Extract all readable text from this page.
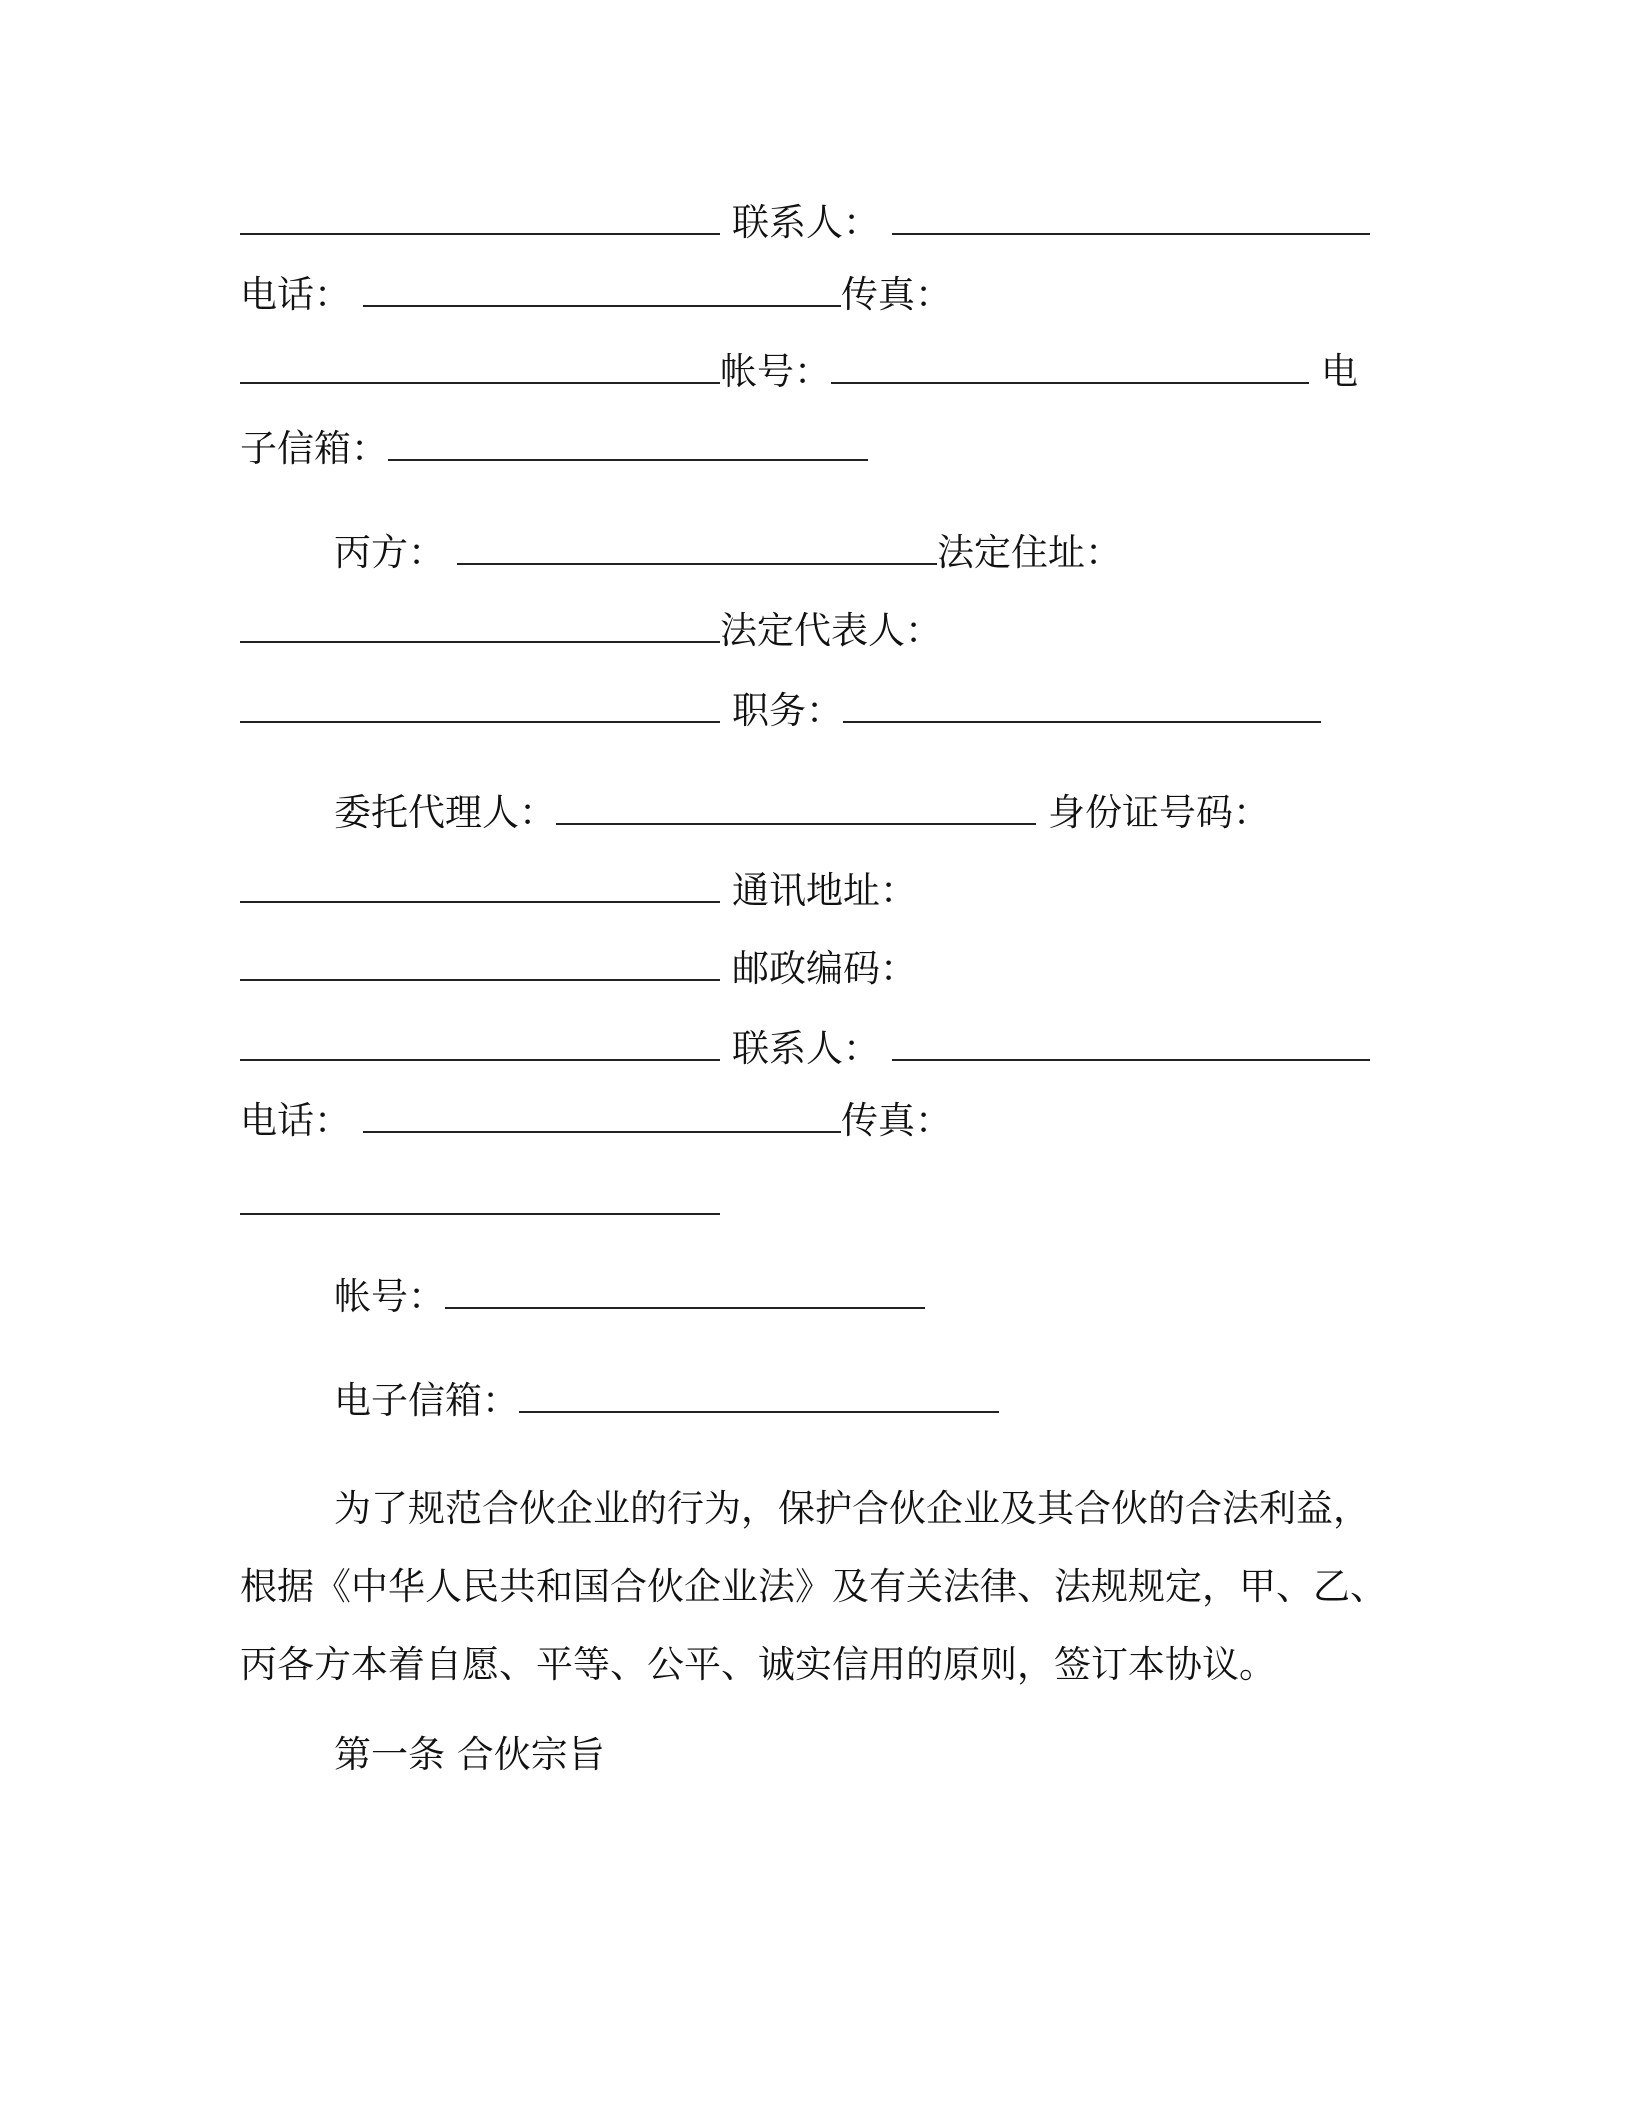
联系人：
电话：	传真：
帐号：	电
子信箱：
丙方：	法定住址：
法定代表人：
职务：
委托代理人：	身份证号码：
通讯地址：
邮政编码：
联系人：
电话：	传真：
帐号：
电子信箱：
为了规范合伙企业的行为，保护合伙企业及其合伙的合法利益，
根据《中华人民共和国合伙企业法》及有关法律、法规规定，甲、乙、
丙各方本着自愿、平等、公平、诚实信用的原则，签订本协议。
第一条 合伙宗旨
